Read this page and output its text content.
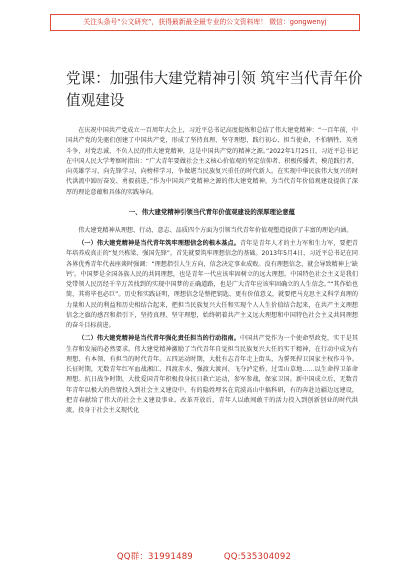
关注头条号“公文研究”，获得最新最全最专业的公文资料库！ 微信：gongwenyj
党课：加强伟大建党精神引领 筑牢当代青年价值观建设

在庆祝中国共产党成立一百周年大会上，习近平总书记高度提炼和总结了伟大建党精神：“一百年前，中国共产党的先驱们创建了中国共产党，形成了坚持真理、坚守理想，践行初心、担当使命，不怕牺牲、英勇斗争，对党忠诚、不负人民的伟大建党精神，这是中国共产党的精神之源。”2022年1月25日，习近平总书记在中国人民大学考察时指出：“广大青年要做社会主义核心价值观的坚定信仰者、积极传播者、模范践行者，向英雄学习、向先锋学习、向榜样学习，争做堪当民族复兴重任的时代新人。在实现中华民族伟大复兴的时代洪流中踔厉奋发、勇毅前进。”作为中国共产党精神之源的伟大建党精神，为当代青年价值观建设提供了深厚的理论意蕴和具体的实践导向。

一、伟大建党精神引领当代青年价值观建设的深厚理论意蕴

伟大建党精神从理想、行动、意志、品质四个方面为引领当代青年价值观塑造提供了丰富的理论内涵。

（一）伟大建党精神是当代青年筑牢理想信念的根本基点。青年是青年人才的主力军和生力军，要把青年培养成真正的“复兴栋梁、强国先锋”，首先就要筑牢理想信念的基础。2013年5月4日，习近平总书记在同各界优秀青年代表座谈时强调：“理想指引人生方向，信念决定事业成败。没有理想信念，就会导致精神上‘缺钙’。中国梦是全国各族人民的共同理想，也是青年一代应该牢固树立的远大理想。中国特色社会主义是我们党带领人民历经千辛万苦找到的实现中国梦的正确道路，也是广大青年应该牢固确立的人生信念。”“其作始也简，其将毕也必巨”。历史和实践证明，理想信念是整把钥匙、更有价值意义，就要把马克思主义科学真理的力量和人民的利益和历史相结合起来，把担当民族复兴大任和实现个人人生价值结合起来，在共产主义理想信念之旗的感召和指引下，坚持真理、坚守理想，始终朝着共产主义远大理想和中国特色社会主义共同理想的奋斗目标前进。

（二）伟大建党精神是当代青年强化责任担当的行动指南。中国共产党作为一个使命型政党，实干是其生存和发展的必然要求。伟大建党精神激励了当代青年自觉担当民族复兴大任的实干精神，在行动中成为有理想、有本领、有担当的时代青年。五四运动时期，大批有志青年走上街头，为誓死捍卫国家主权作斗争。长征时期，无数青年红军血战湘江、四渡赤水、强渡大渡河、飞夺泸定桥、过雪山草地……以生命捍卫革命理想。抗日战争时期，大批爱国青年积极投身抗日救亡运动，参军参战，保家卫国。新中国成立后，无数青年青年以极大的热情投入到社会主义建设中，有的隐姓埋名在荒漠高山中搞科研，有的奔赴边疆边远建设，把青春献给了伟大的社会主义建设事业。改革开放后，青年人以敢闯敢干的活力投入到创新创业的时代洪流，投身于社会主义现代化

QQ群：31991489	QQ:535304092
